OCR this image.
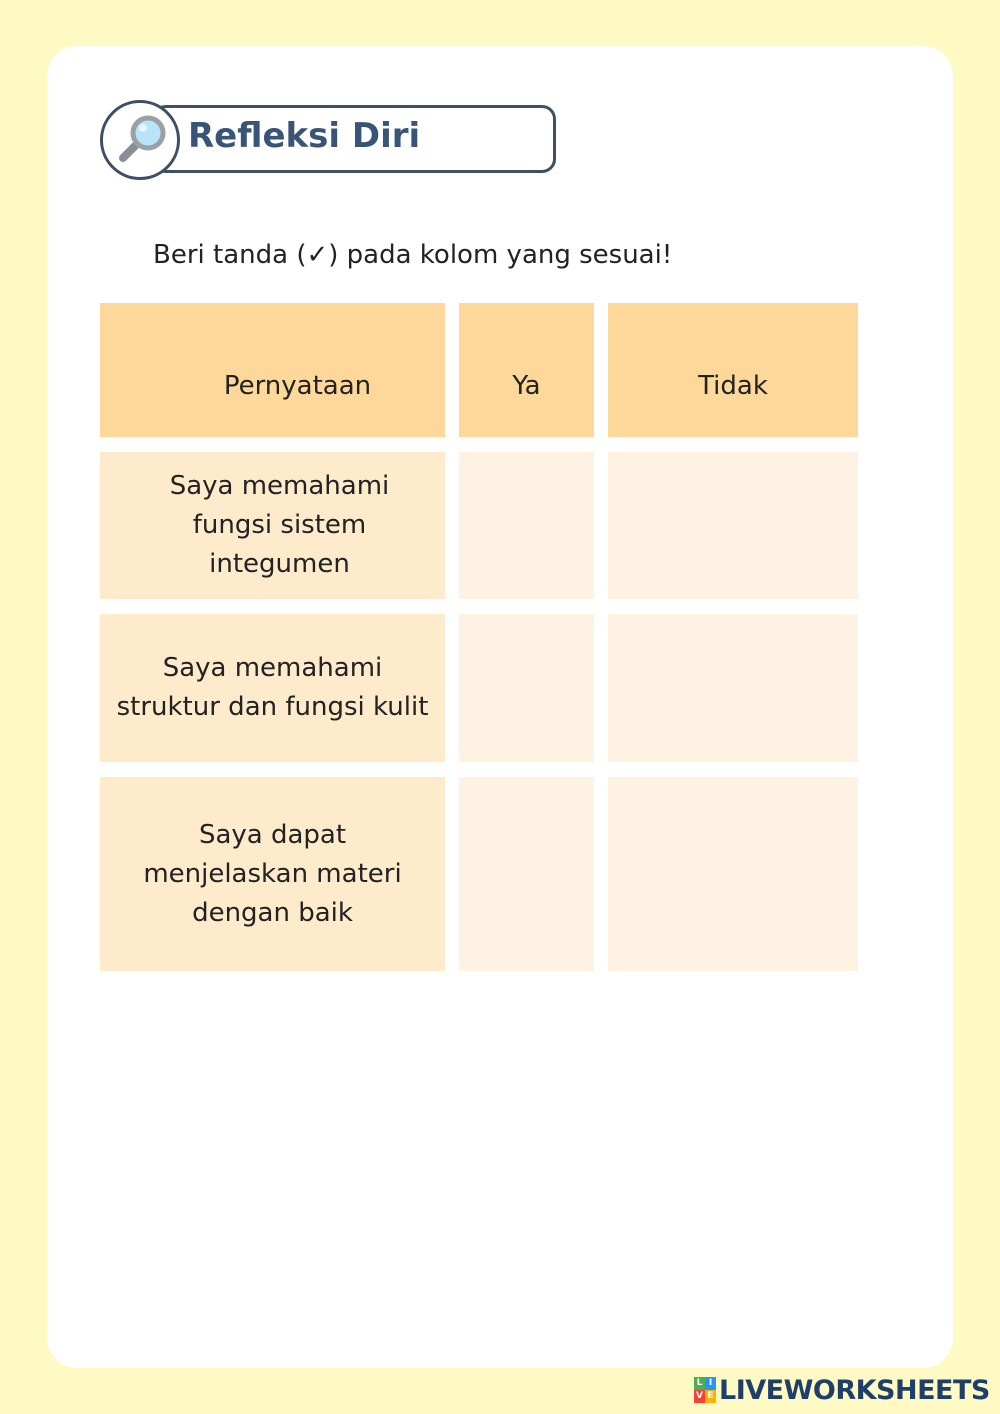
Refleksi Diri
Beri tanda (✓) pada kolom yang sesuai!
Pernyataan	Ya	Tidak
Saya memahami fungsi sistem integumen
Saya memahami struktur dan fungsi kulit
Saya dapat menjelaskan materi dengan baik
L I
V E LIVEWORKSHEETS
